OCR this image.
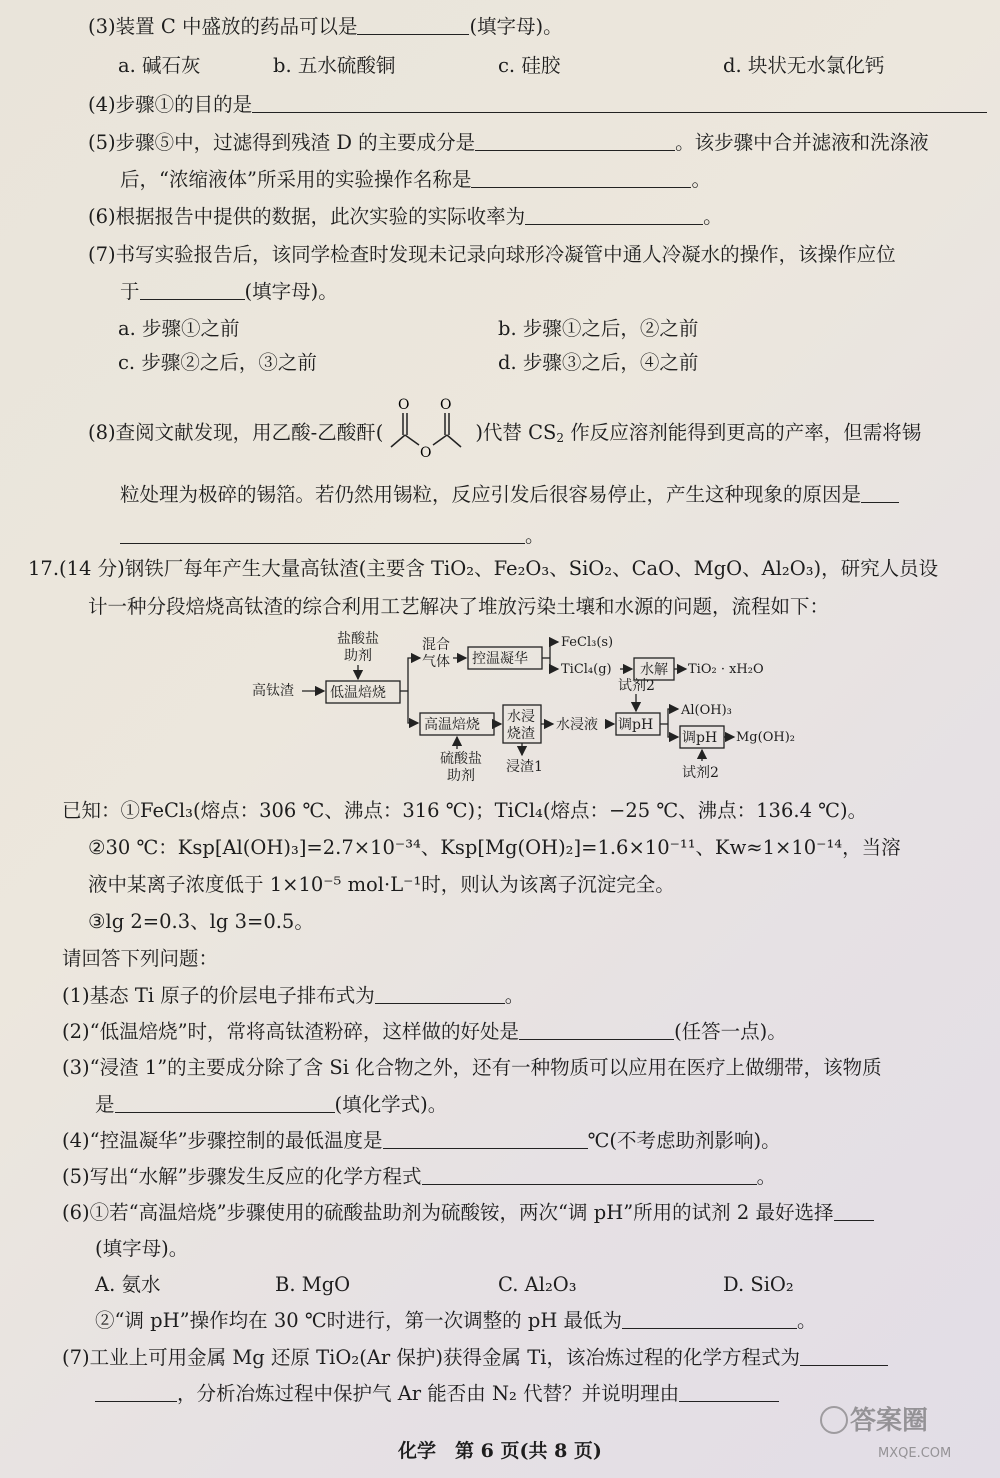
(3)装置 C 中盛放的药品可以是	(填字母)。
a. 碱石灰	b. 五水硫酸铜	c. 硅胶	d. 块状无水氯化钙
(4)步骤①的目的是
(5)步骤⑤中，过滤得到残渣 D 的主要成分是	。该步骤中合并滤液和洗涤液
后，“浓缩液体”所采用的实验操作名称是	。
(6)根据报告中提供的数据，此次实验的实际收率为	。
(7)书写实验报告后，该同学检查时发现未记录向球形冷凝管中通人冷凝水的操作，该操作应位
于	(填字母)。
a. 步骤①之前	b. 步骤①之后，②之前
c. 步骤②之后，③之前	d. 步骤③之后，④之前
(8)查阅文献发现，用乙酸-乙酸酐(
O O
O
)代替 $CS_2$ 作反应溶剂能得到更高的产率，但需将锡
粒处理为极碎的锡箔。若仍然用锡粒，反应引发后很容易停止，产生这种现象的原因是
。
17.(14 分)钢铁厂每年产生大量高钛渣(主要含 TiO₂、Fe₂O₃、SiO₂、CaO、MgO、Al₂O₃)，研究人员设
计一种分段焙烧高钛渣的综合利用工艺解决了堆放污染土壤和水源的问题，流程如下：
高钛渣
盐酸盐
助剂
低温焙烧
混合
气体 控温凝华
FeCl₃(s)
TiCl₄(g) 水解 TiO₂ · xH₂O
高温焙烧
硫酸盐
助剂
水浸
烧渣
浸渣1
水浸液
试剂2
调pH
Al(OH)₃
调pH Mg(OH)₂
试剂2
已知：①FeCl₃(熔点：306 ℃、沸点：316 ℃)；TiCl₄(熔点：−25 ℃、沸点：136.4 ℃)。
②30 ℃：Ksp[Al(OH)₃]=2.7×10⁻³⁴、Ksp[Mg(OH)₂]=1.6×10⁻¹¹、Kw≈1×10⁻¹⁴，当溶
液中某离子浓度低于 1×10⁻⁵ mol·L⁻¹时，则认为该离子沉淀完全。
③lg 2=0.3、lg 3=0.5。
请回答下列问题：
(1)基态 Ti 原子的价层电子排布式为	。
(2)“低温焙烧”时，常将高钛渣粉碎，这样做的好处是	(任答一点)。
(3)“浸渣 1”的主要成分除了含 Si 化合物之外，还有一种物质可以应用在医疗上做绷带，该物质
是	(填化学式)。
(4)“控温凝华”步骤控制的最低温度是	℃(不考虑助剂影响)。
(5)写出“水解”步骤发生反应的化学方程式	。
(6)①若“高温焙烧”步骤使用的硫酸盐助剂为硫酸铵，两次“调 pH”所用的试剂 2 最好选择
(填字母)。
A. 氨水	B. MgO	C. Al₂O₃	D. SiO₂
②“调 pH”操作均在 30 ℃时进行，第一次调整的 pH 最低为	。
(7)工业上可用金属 Mg 还原 TiO₂(Ar 保护)获得金属 Ti，该冶炼过程的化学方程式为
，分析冶炼过程中保护气 Ar 能否由 N₂ 代替？并说明理由
化学　第 6 页(共 8 页)
答案圈
MXQE.COM
